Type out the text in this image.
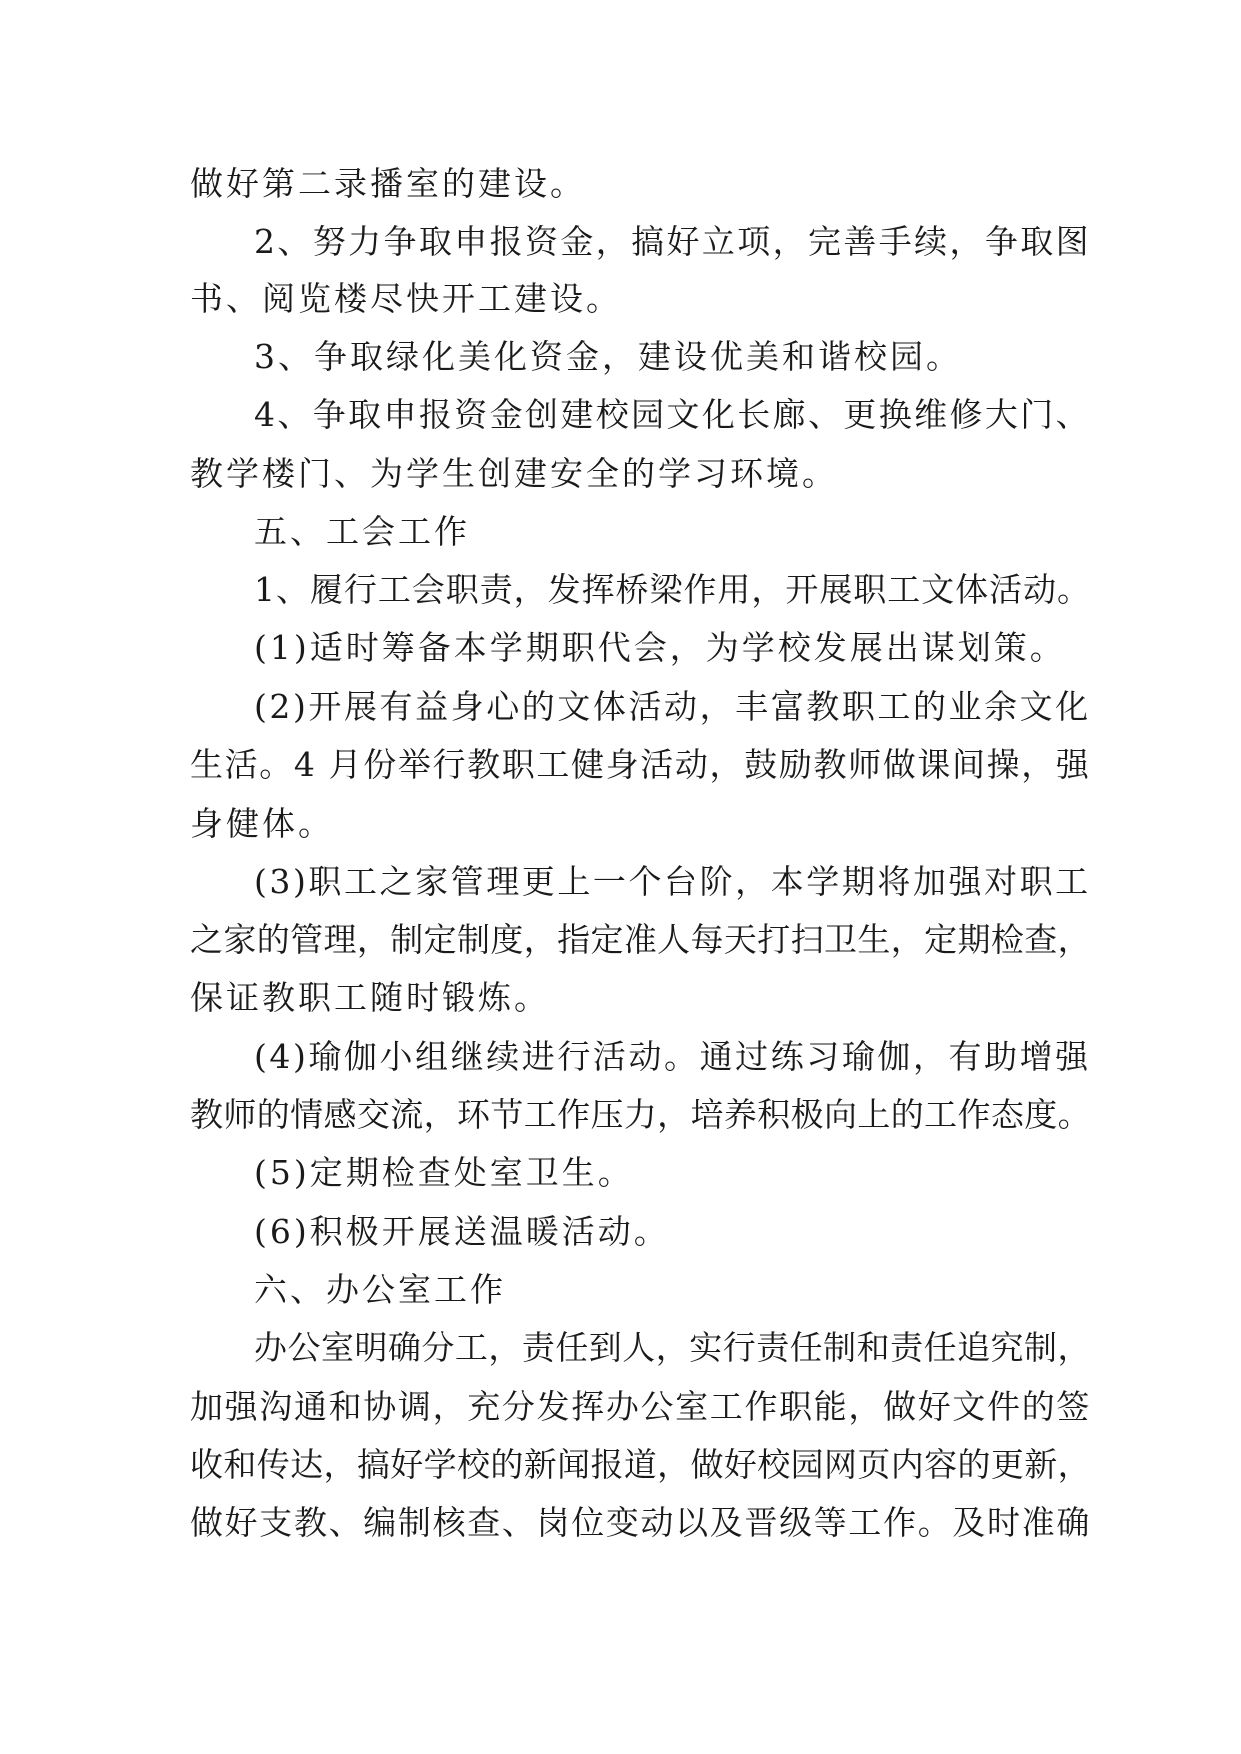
做好第二录播室的建设。

2、努力争取申报资金，搞好立项，完善手续，争取图

书、阅览楼尽快开工建设。

3、争取绿化美化资金，建设优美和谐校园。

4、争取申报资金创建校园文化长廊、更换维修大门、

教学楼门、为学生创建安全的学习环境。

五、工会工作

1、履行工会职责，发挥桥梁作用，开展职工文体活动。

(1)适时筹备本学期职代会，为学校发展出谋划策。

(2)开展有益身心的文体活动，丰富教职工的业余文化

生活。4 月份举行教职工健身活动，鼓励教师做课间操，强

身健体。

(3)职工之家管理更上一个台阶，本学期将加强对职工

之家的管理，制定制度，指定准人每天打扫卫生，定期检查，

保证教职工随时锻炼。

(4)瑜伽小组继续进行活动。通过练习瑜伽，有助增强

教师的情感交流，环节工作压力，培养积极向上的工作态度。

(5)定期检查处室卫生。

(6)积极开展送温暖活动。

六、办公室工作

办公室明确分工，责任到人，实行责任制和责任追究制，

加强沟通和协调，充分发挥办公室工作职能，做好文件的签

收和传达，搞好学校的新闻报道，做好校园网页内容的更新，

做好支教、编制核查、岗位变动以及晋级等工作。及时准确
